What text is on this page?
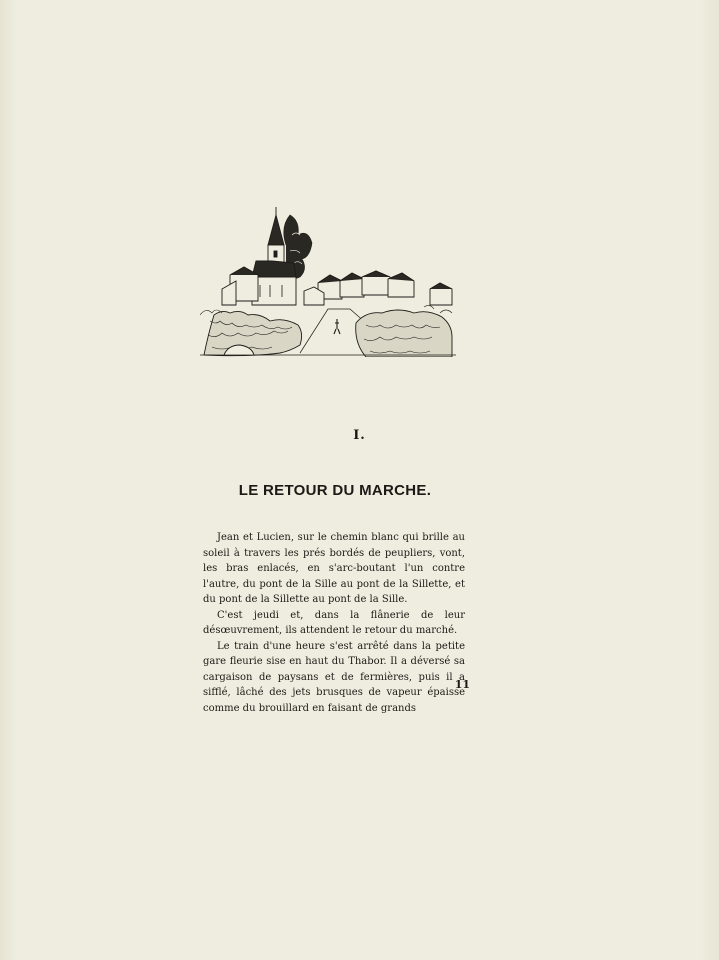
I.
LE RETOUR DU MARCHE.

Jean et Lucien, sur le chemin blanc qui brille au soleil à travers les prés bordés de peupliers, vont, les bras enlacés, en s'arc-boutant l'un contre l'autre, du pont de la Sille au pont de la Sillette, et du pont de la Sillette au pont de la Sille.

C'est jeudi et, dans la flânerie de leur désœuvrement, ils attendent le retour du marché.

Le train d'une heure s'est arrêté dans la petite gare fleurie sise en haut du Thabor. Il a déversé sa cargaison de paysans et de fermières, puis il a sifflé, lâché des jets brusques de vapeur épaisse comme du brouillard en faisant de grands

11
